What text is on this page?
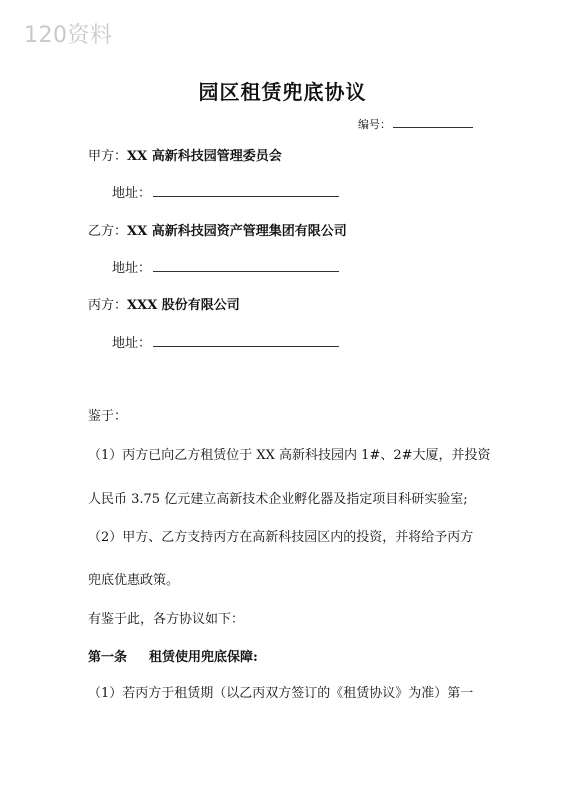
120资料
园区租赁兜底协议
编号：
甲方：XX 高新科技园管理委员会
地址：
乙方：XX 高新科技园资产管理集团有限公司
地址：
丙方：XXX 股份有限公司
地址：
鉴于：
（1）丙方已向乙方租赁位于 XX 高新科技园内 1#、2#大厦，并投资
人民币 3.75 亿元建立高新技术企业孵化器及指定项目科研实验室;
（2）甲方、乙方支持丙方在高新科技园区内的投资，并将给予丙方
兜底优惠政策。
有鉴于此，各方协议如下：
第一条 租赁使用兜底保障:
（1）若丙方于租赁期（以乙丙双方签订的《租赁协议》为准）第一
